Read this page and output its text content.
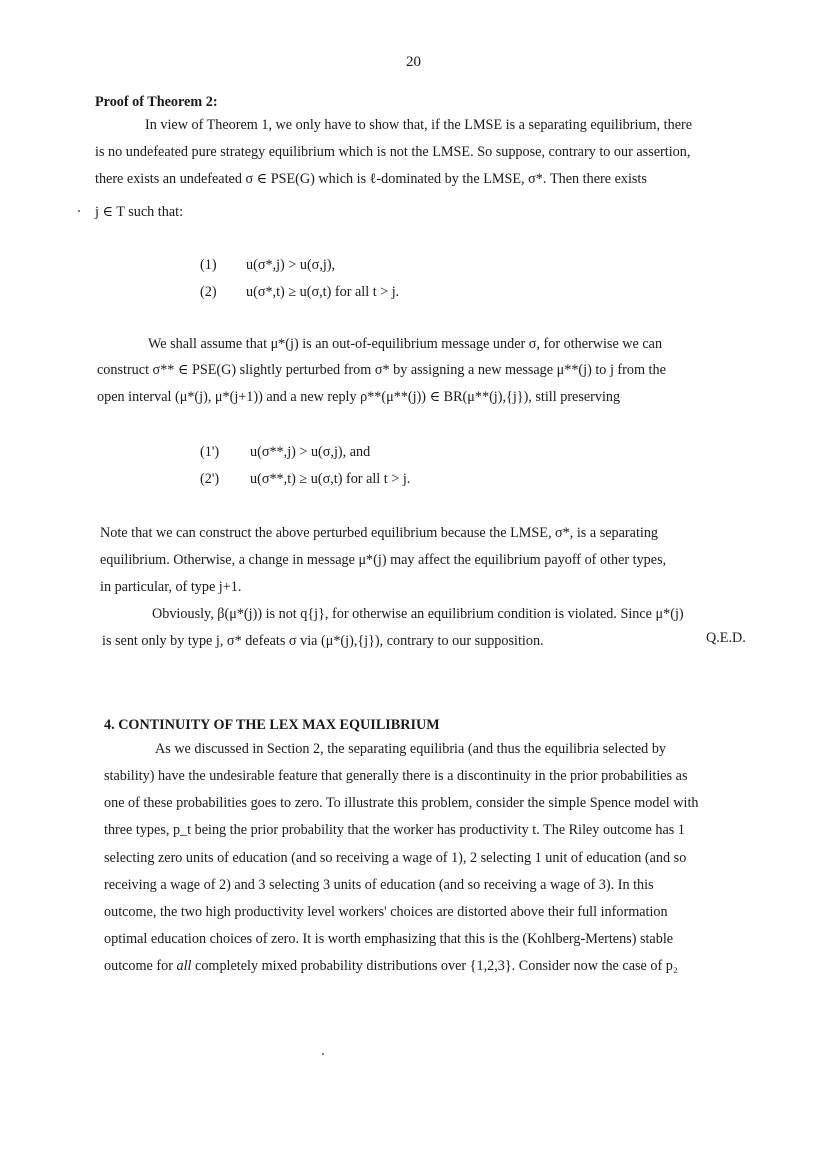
20
Proof of Theorem 2:
In view of Theorem 1, we only have to show that, if the LMSE is a separating equilibrium, there
is no undefeated pure strategy equilibrium which is not the LMSE. So suppose, contrary to our assertion,
there exists an undefeated σ ∈ PSE(G) which is ℓ-dominated by the LMSE, σ*. Then there exists
j ∈ T such that:
(1) u(σ*,j) > u(σ,j),
(2) u(σ*,t) ≥ u(σ,t) for all t > j.
We shall assume that μ*(j) is an out-of-equilibrium message under σ, for otherwise we can
construct σ** ∈ PSE(G) slightly perturbed from σ* by assigning a new message μ**(j) to j from the
open interval (μ*(j), μ*(j+1)) and a new reply ρ**(μ**(j)) ∈ BR(μ**(j),{j}), still preserving
(1') u(σ**,j) > u(σ,j), and
(2') u(σ**,t) ≥ u(σ,t) for all t > j.
Note that we can construct the above perturbed equilibrium because the LMSE, σ*, is a separating
equilibrium. Otherwise, a change in message μ*(j) may affect the equilibrium payoff of other types,
in particular, of type j+1.
Obviously, β(μ*(j)) is not q{j}, for otherwise an equilibrium condition is violated. Since μ*(j)
is sent only by type j, σ* defeats σ via (μ*(j),{j}), contrary to our supposition.	Q.E.D.
4. CONTINUITY OF THE LEX MAX EQUILIBRIUM
As we discussed in Section 2, the separating equilibria (and thus the equilibria selected by
stability) have the undesirable feature that generally there is a discontinuity in the prior probabilities as
one of these probabilities goes to zero. To illustrate this problem, consider the simple Spence model with
three types, p_t being the prior probability that the worker has productivity t. The Riley outcome has 1
selecting zero units of education (and so receiving a wage of 1), 2 selecting 1 unit of education (and so
receiving a wage of 2) and 3 selecting 3 units of education (and so receiving a wage of 3). In this
outcome, the two high productivity level workers' choices are distorted above their full information
optimal education choices of zero. It is worth emphasizing that this is the (Kohlberg-Mertens) stable
outcome for all completely mixed probability distributions over {1,2,3}. Consider now the case of p₂
